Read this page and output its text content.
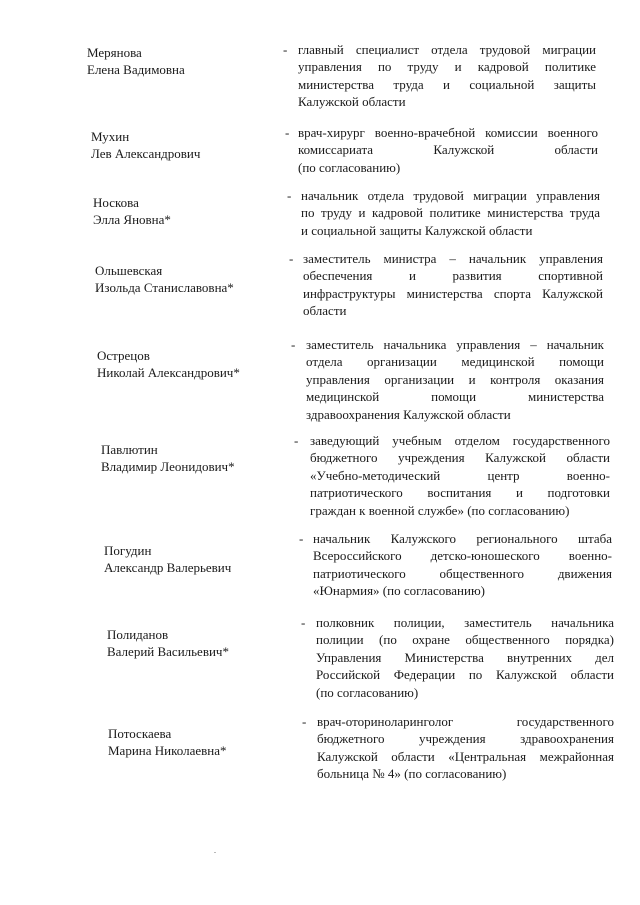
Мерянова
Елена Вадимовна
- главный специалист отдела трудовой миграции
управления по труду и кадровой политике
министерства труда и социальной защиты
Калужской области
Мухин
Лев Александрович
- врач-хирург военно-врачебной комиссии военного
комиссариата Калужской области
(по согласованию)
Носкова
Элла Яновна*
- начальник отдела трудовой миграции управления
по труду и кадровой политике министерства труда
и социальной защиты Калужской области
Ольшевская
Изольда Станиславовна*
- заместитель министра – начальник управления
обеспечения и развития спортивной
инфраструктуры министерства спорта Калужской
области
Острецов
Николай Александрович*
- заместитель начальника управления – начальник
отдела организации медицинской помощи
управления организации и контроля оказания
медицинской помощи министерства
здравоохранения Калужской области
Павлютин
Владимир Леонидович*
- заведующий учебным отделом государственного
бюджетного учреждения Калужской области
«Учебно-методический центр военно-
патриотического воспитания и подготовки
граждан к военной службе» (по согласованию)
Погудин
Александр Валерьевич
- начальник Калужского регионального штаба
Всероссийского детско-юношеского военно-
патриотического общественного движения
«Юнармия» (по согласованию)
Полиданов
Валерий Васильевич*
- полковник полиции, заместитель начальника
полиции (по охране общественного порядка)
Управления Министерства внутренних дел
Российской Федерации по Калужской области
(по согласованию)
Потоскаева
Марина Николаевна*
- врач-оториноларинголог государственного
бюджетного учреждения здравоохранения
Калужской области «Центральная межрайонная
больница № 4» (по согласованию)
